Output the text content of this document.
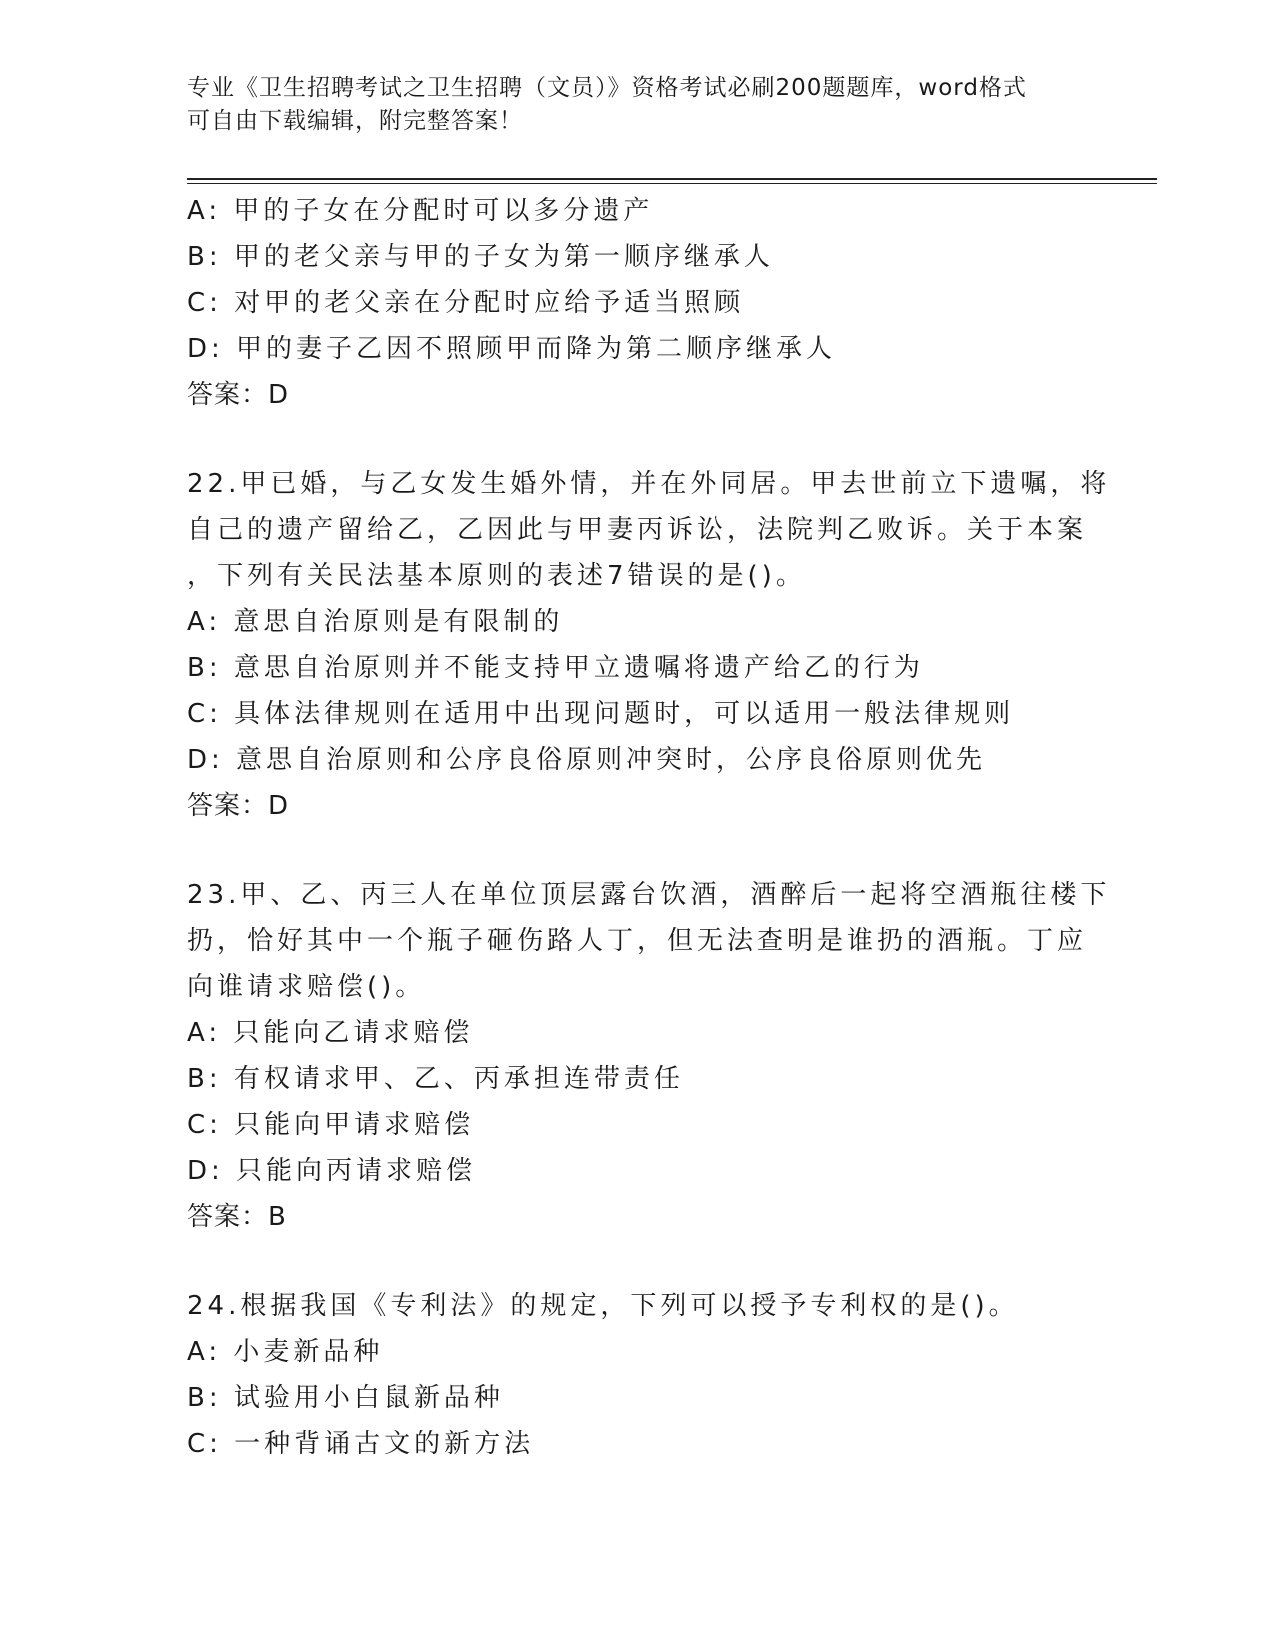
专业《卫生招聘考试之卫生招聘（文员）》资格考试必刷200题题库，word格式
可自由下载编辑，附完整答案！
A: 甲的子女在分配时可以多分遗产
B: 甲的老父亲与甲的子女为第一顺序继承人
C: 对甲的老父亲在分配时应给予适当照顾
D: 甲的妻子乙因不照顾甲而降为第二顺序继承人
答案：D
22.甲已婚，与乙女发生婚外情，并在外同居。甲去世前立下遗嘱，将
自己的遗产留给乙，乙因此与甲妻丙诉讼，法院判乙败诉。关于本案
，下列有关民法基本原则的表述7错误的是()。
A: 意思自治原则是有限制的
B: 意思自治原则并不能支持甲立遗嘱将遗产给乙的行为
C: 具体法律规则在适用中出现问题时，可以适用一般法律规则
D: 意思自治原则和公序良俗原则冲突时，公序良俗原则优先
答案：D
23.甲、乙、丙三人在单位顶层露台饮酒，酒醉后一起将空酒瓶往楼下
扔，恰好其中一个瓶子砸伤路人丁，但无法查明是谁扔的酒瓶。丁应
向谁请求赔偿()。
A: 只能向乙请求赔偿
B: 有权请求甲、乙、丙承担连带责任
C: 只能向甲请求赔偿
D: 只能向丙请求赔偿
答案：B
24.根据我国《专利法》的规定，下列可以授予专利权的是()。
A: 小麦新品种
B: 试验用小白鼠新品种
C: 一种背诵古文的新方法
